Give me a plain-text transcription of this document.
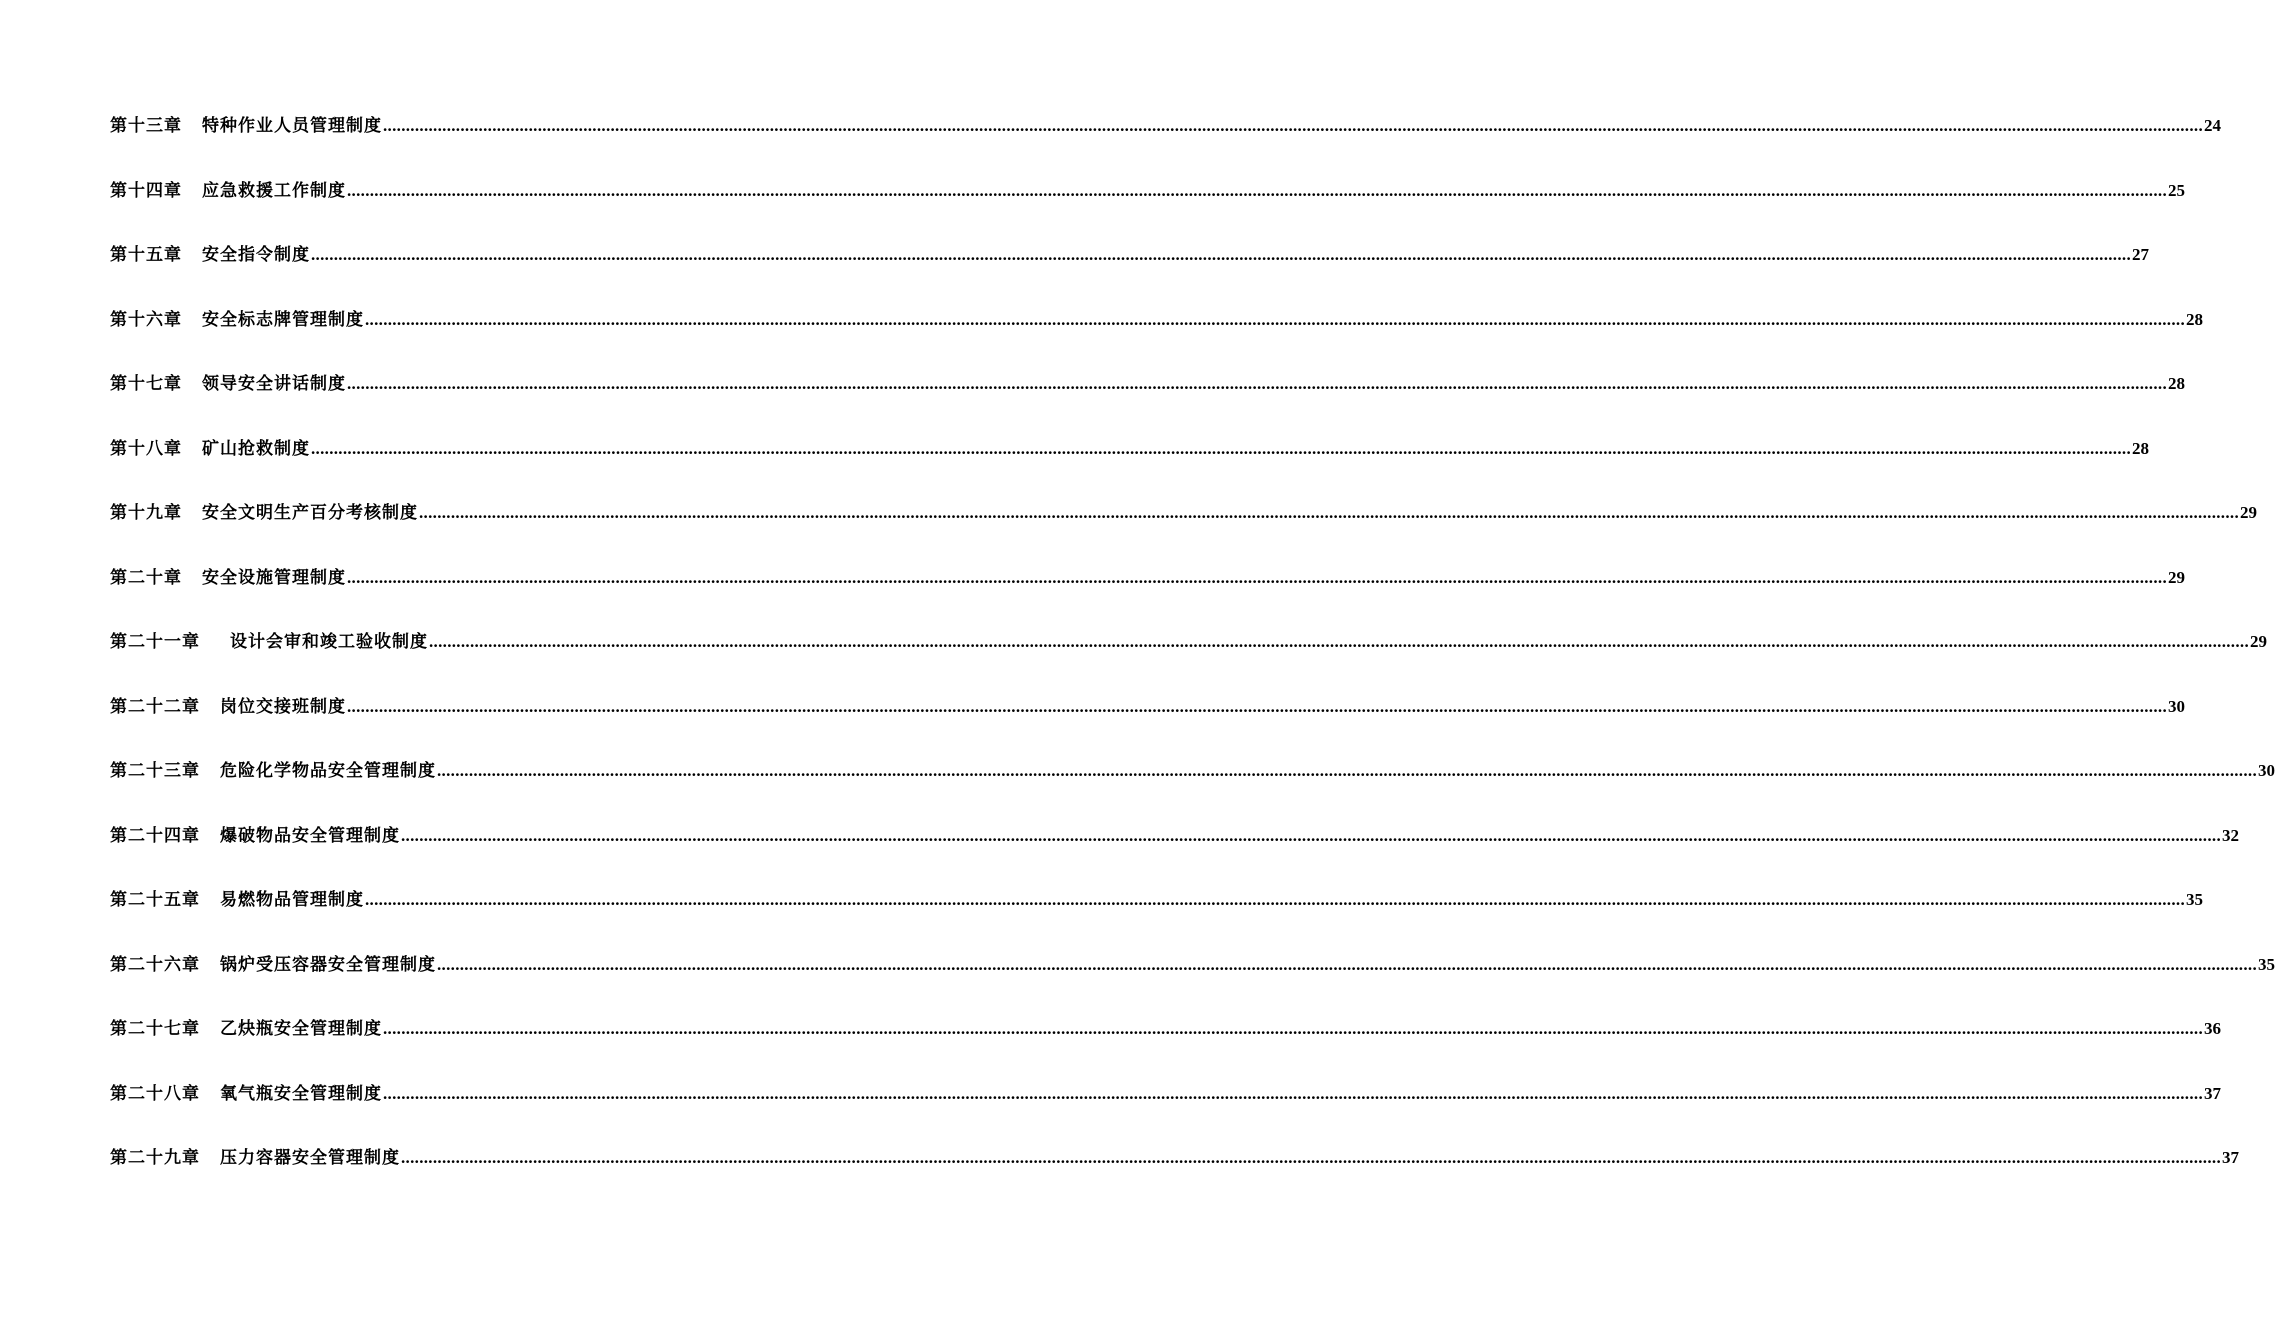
第十三章 特种作业人员管理制度 ................................................................................................................................................................................................................................................................................................................................................................................................................ 24
第十四章 应急救援工作制度 ................................................................................................................................................................................................................................................................................................................................................................................................................ 25
第十五章 安全指令制度 ................................................................................................................................................................................................................................................................................................................................................................................................................ 27
第十六章 安全标志牌管理制度 ................................................................................................................................................................................................................................................................................................................................................................................................................ 28
第十七章 领导安全讲话制度 ................................................................................................................................................................................................................................................................................................................................................................................................................ 28
第十八章 矿山抢救制度 ................................................................................................................................................................................................................................................................................................................................................................................................................ 28
第十九章 安全文明生产百分考核制度 ................................................................................................................................................................................................................................................................................................................................................................................................................ 29
第二十章 安全设施管理制度 ................................................................................................................................................................................................................................................................................................................................................................................................................ 29
第二十一章 设计会审和竣工验收制度 ................................................................................................................................................................................................................................................................................................................................................................................................................ 29
第二十二章 岗位交接班制度 ................................................................................................................................................................................................................................................................................................................................................................................................................ 30
第二十三章 危险化学物品安全管理制度 ................................................................................................................................................................................................................................................................................................................................................................................................................ 30
第二十四章 爆破物品安全管理制度 ................................................................................................................................................................................................................................................................................................................................................................................................................ 32
第二十五章 易燃物品管理制度 ................................................................................................................................................................................................................................................................................................................................................................................................................ 35
第二十六章 锅炉受压容器安全管理制度 ................................................................................................................................................................................................................................................................................................................................................................................................................ 35
第二十七章 乙炔瓶安全管理制度 ................................................................................................................................................................................................................................................................................................................................................................................................................ 36
第二十八章 氧气瓶安全管理制度 ................................................................................................................................................................................................................................................................................................................................................................................................................ 37
第二十九章 压力容器安全管理制度 ................................................................................................................................................................................................................................................................................................................................................................................................................ 37
